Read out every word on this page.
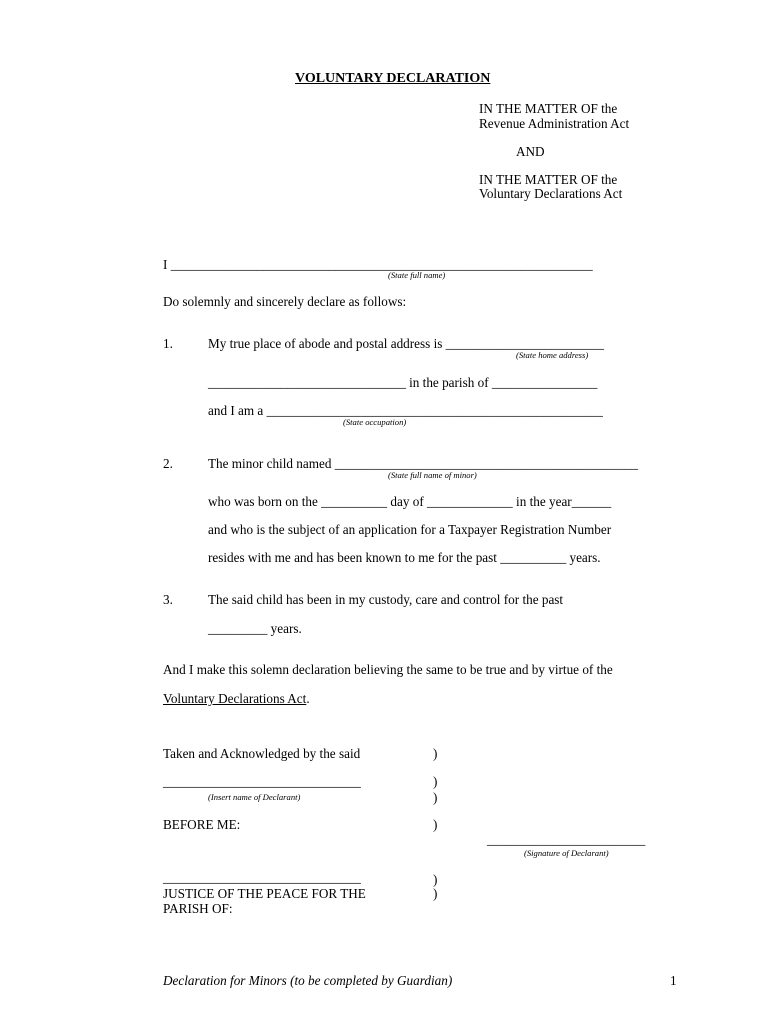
VOLUNTARY DECLARATION
IN THE MATTER OF the
Revenue Administration Act
AND
IN THE MATTER OF the
Voluntary Declarations Act
I ________________________________________________________________
(State full name)
Do solemnly and sincerely declare as follows:
1.	My true place of abode and postal address is ________________________
(State home address)
______________________________ in the parish of ________________
and I am a ___________________________________________________
(State occupation)
2.	The minor child named ______________________________________________
(State full name of minor)
who was born on the __________ day of _____________ in the year______
and who is the subject of an application for a Taxpayer Registration Number
resides with me and has been known to me for the past __________ years.
3.	The said child has been in my custody, care and control for the past
_________ years.
And I make this solemn declaration believing the same to be true and by virtue of the
Voluntary Declarations Act.
Taken and Acknowledged by the said	)
______________________________	)
(Insert name of Declarant)	)
BEFORE ME:	)
________________________
(Signature of Declarant)
______________________________	)
JUSTICE OF THE PEACE FOR THE	)
PARISH OF:
Declaration for Minors (to be completed by Guardian)	1
